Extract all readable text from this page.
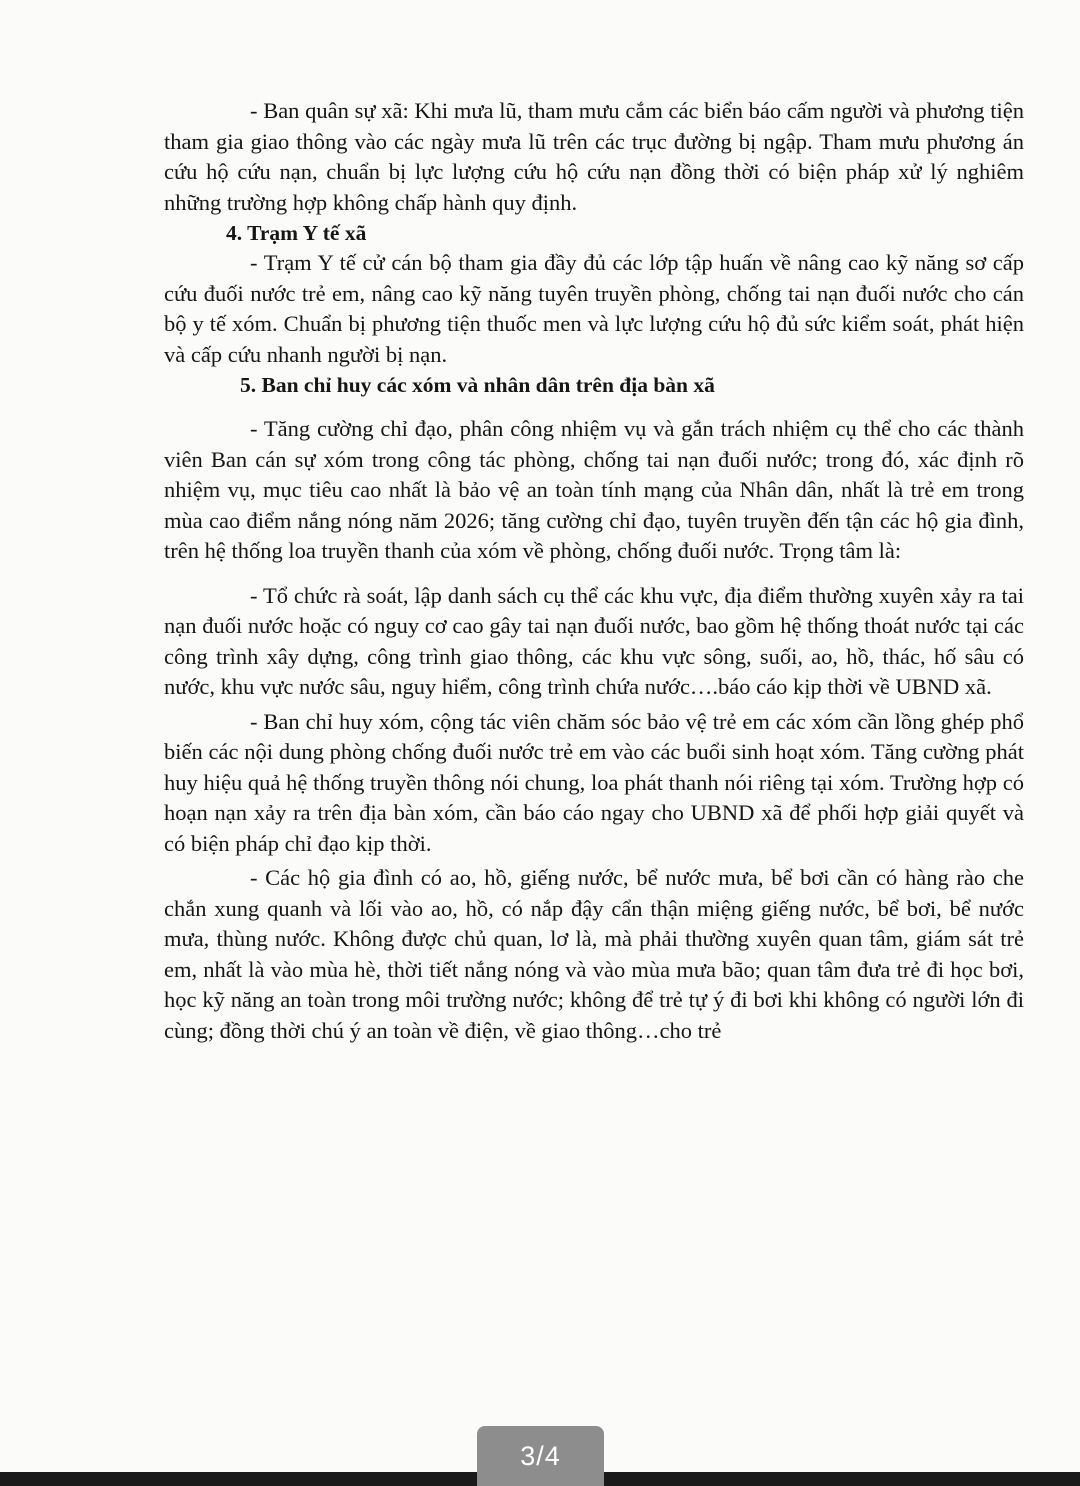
- Ban quân sự xã: Khi mưa lũ, tham mưu cắm các biển báo cấm người và phương tiện tham gia giao thông vào các ngày mưa lũ trên các trục đường bị ngập. Tham mưu phương án cứu hộ cứu nạn, chuẩn bị lực lượng cứu hộ cứu nạn đồng thời có biện pháp xử lý nghiêm những trường hợp không chấp hành quy định.

4. Trạm Y tế xã

- Trạm Y tế cử cán bộ tham gia đầy đủ các lớp tập huấn về nâng cao kỹ năng sơ cấp cứu đuối nước trẻ em, nâng cao kỹ năng tuyên truyền phòng, chống tai nạn đuối nước cho cán bộ y tế xóm. Chuẩn bị phương tiện thuốc men và lực lượng cứu hộ đủ sức kiểm soát, phát hiện và cấp cứu nhanh người bị nạn.

5. Ban chỉ huy các xóm và nhân dân trên địa bàn xã

- Tăng cường chỉ đạo, phân công nhiệm vụ và gắn trách nhiệm cụ thể cho các thành viên Ban cán sự xóm trong công tác phòng, chống tai nạn đuối nước; trong đó, xác định rõ nhiệm vụ, mục tiêu cao nhất là bảo vệ an toàn tính mạng của Nhân dân, nhất là trẻ em trong mùa cao điểm nắng nóng năm 2026; tăng cường chỉ đạo, tuyên truyền đến tận các hộ gia đình, trên hệ thống loa truyền thanh của xóm về phòng, chống đuối nước. Trọng tâm là:

- Tổ chức rà soát, lập danh sách cụ thể các khu vực, địa điểm thường xuyên xảy ra tai nạn đuối nước hoặc có nguy cơ cao gây tai nạn đuối nước, bao gồm hệ thống thoát nước tại các công trình xây dựng, công trình giao thông, các khu vực sông, suối, ao, hồ, thác, hố sâu có nước, khu vực nước sâu, nguy hiểm, công trình chứa nước….báo cáo kịp thời về UBND xã.

- Ban chỉ huy xóm, cộng tác viên chăm sóc bảo vệ trẻ em các xóm cần lồng ghép phổ biến các nội dung phòng chống đuối nước trẻ em vào các buổi sinh hoạt xóm. Tăng cường phát huy hiệu quả hệ thống truyền thông nói chung, loa phát thanh nói riêng tại xóm. Trường hợp có hoạn nạn xảy ra trên địa bàn xóm, cần báo cáo ngay cho UBND xã để phối hợp giải quyết và có biện pháp chỉ đạo kịp thời.

- Các hộ gia đình có ao, hồ, giếng nước, bể nước mưa, bể bơi cần có hàng rào che chắn xung quanh và lối vào ao, hồ, có nắp đậy cẩn thận miệng giếng nước, bể bơi, bể nước mưa, thùng nước. Không được chủ quan, lơ là, mà phải thường xuyên quan tâm, giám sát trẻ em, nhất là vào mùa hè, thời tiết nắng nóng và vào mùa mưa bão; quan tâm đưa trẻ đi học bơi, học kỹ năng an toàn trong môi trường nước; không để trẻ tự ý đi bơi khi không có người lớn đi cùng; đồng thời chú ý an toàn về điện, về giao thông…cho trẻ

3/4
